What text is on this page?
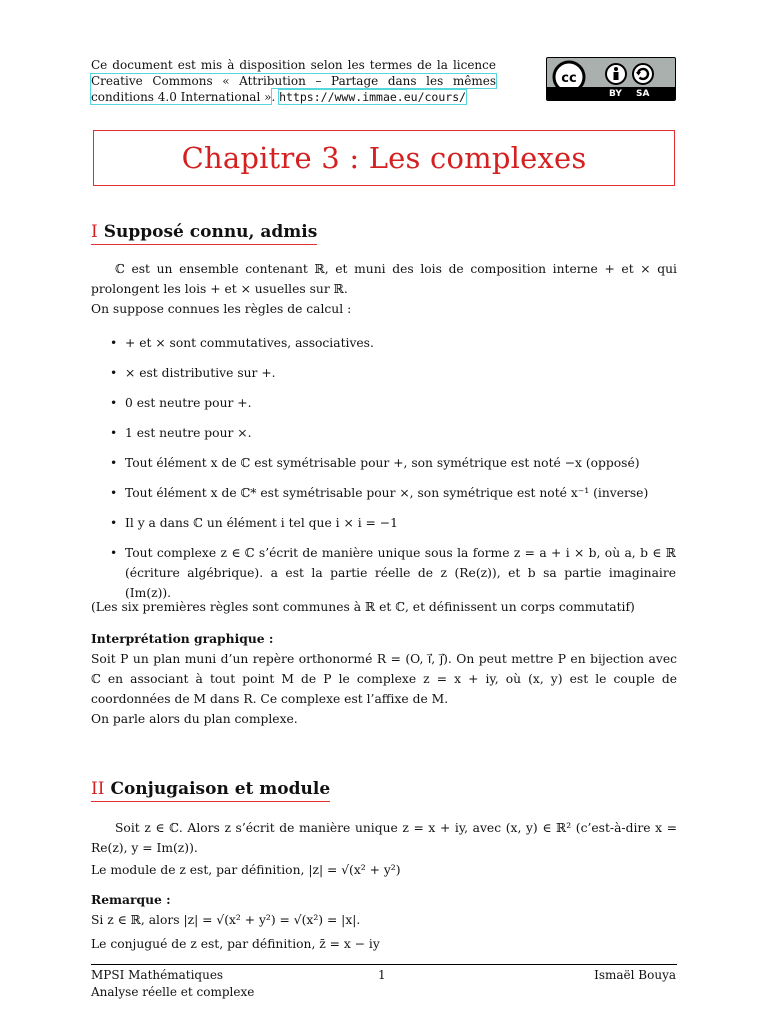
Ce document est mis à disposition selon les termes de la licence Creative Commons « Attribution – Partage dans les mêmes conditions 4.0 International ». https://www.immae.eu/cours/
cc
BY SA
Chapitre 3 : Les complexes
I Supposé connu, admis
ℂ est un ensemble contenant ℝ, et muni des lois de composition interne + et × qui prolongent les lois + et × usuelles sur ℝ.
On suppose connues les règles de calcul :
• + et × sont commutatives, associatives.
• × est distributive sur +.
• 0 est neutre pour +.
• 1 est neutre pour ×.
• Tout élément x de ℂ est symétrisable pour +, son symétrique est noté −x (opposé)
• Tout élément x de ℂ* est symétrisable pour ×, son symétrique est noté x⁻¹ (inverse)
• Il y a dans ℂ un élément i tel que i × i = −1
• Tout complexe z ∈ ℂ s’écrit de manière unique sous la forme z = a + i × b, où a, b ∈ ℝ (écriture algébrique). a est la partie réelle de z (Re(z)), et b sa partie imaginaire (Im(z)).
(Les six premières règles sont communes à ℝ et ℂ, et définissent un corps commutatif)
Interprétation graphique :
Soit P un plan muni d’un repère orthonormé R = (O, i⃗, j⃗). On peut mettre P en bijection avec ℂ en associant à tout point M de P le complexe z = x + iy, où (x, y) est le couple de coordonnées de M dans R. Ce complexe est l’affixe de M.
On parle alors du plan complexe.
II Conjugaison et module
Soit z ∈ ℂ. Alors z s’écrit de manière unique z = x + iy, avec (x, y) ∈ ℝ² (c’est-à-dire x = Re(z), y = Im(z)).
Le module de z est, par définition, |z| = √(x² + y²)
Remarque :
Si z ∈ ℝ, alors |z| = √(x² + y²) = √(x²) = |x|.
Le conjugué de z est, par définition, z̄ = x − iy
MPSI Mathématiques
Analyse réelle et complexe
1	Ismaël Bouya
